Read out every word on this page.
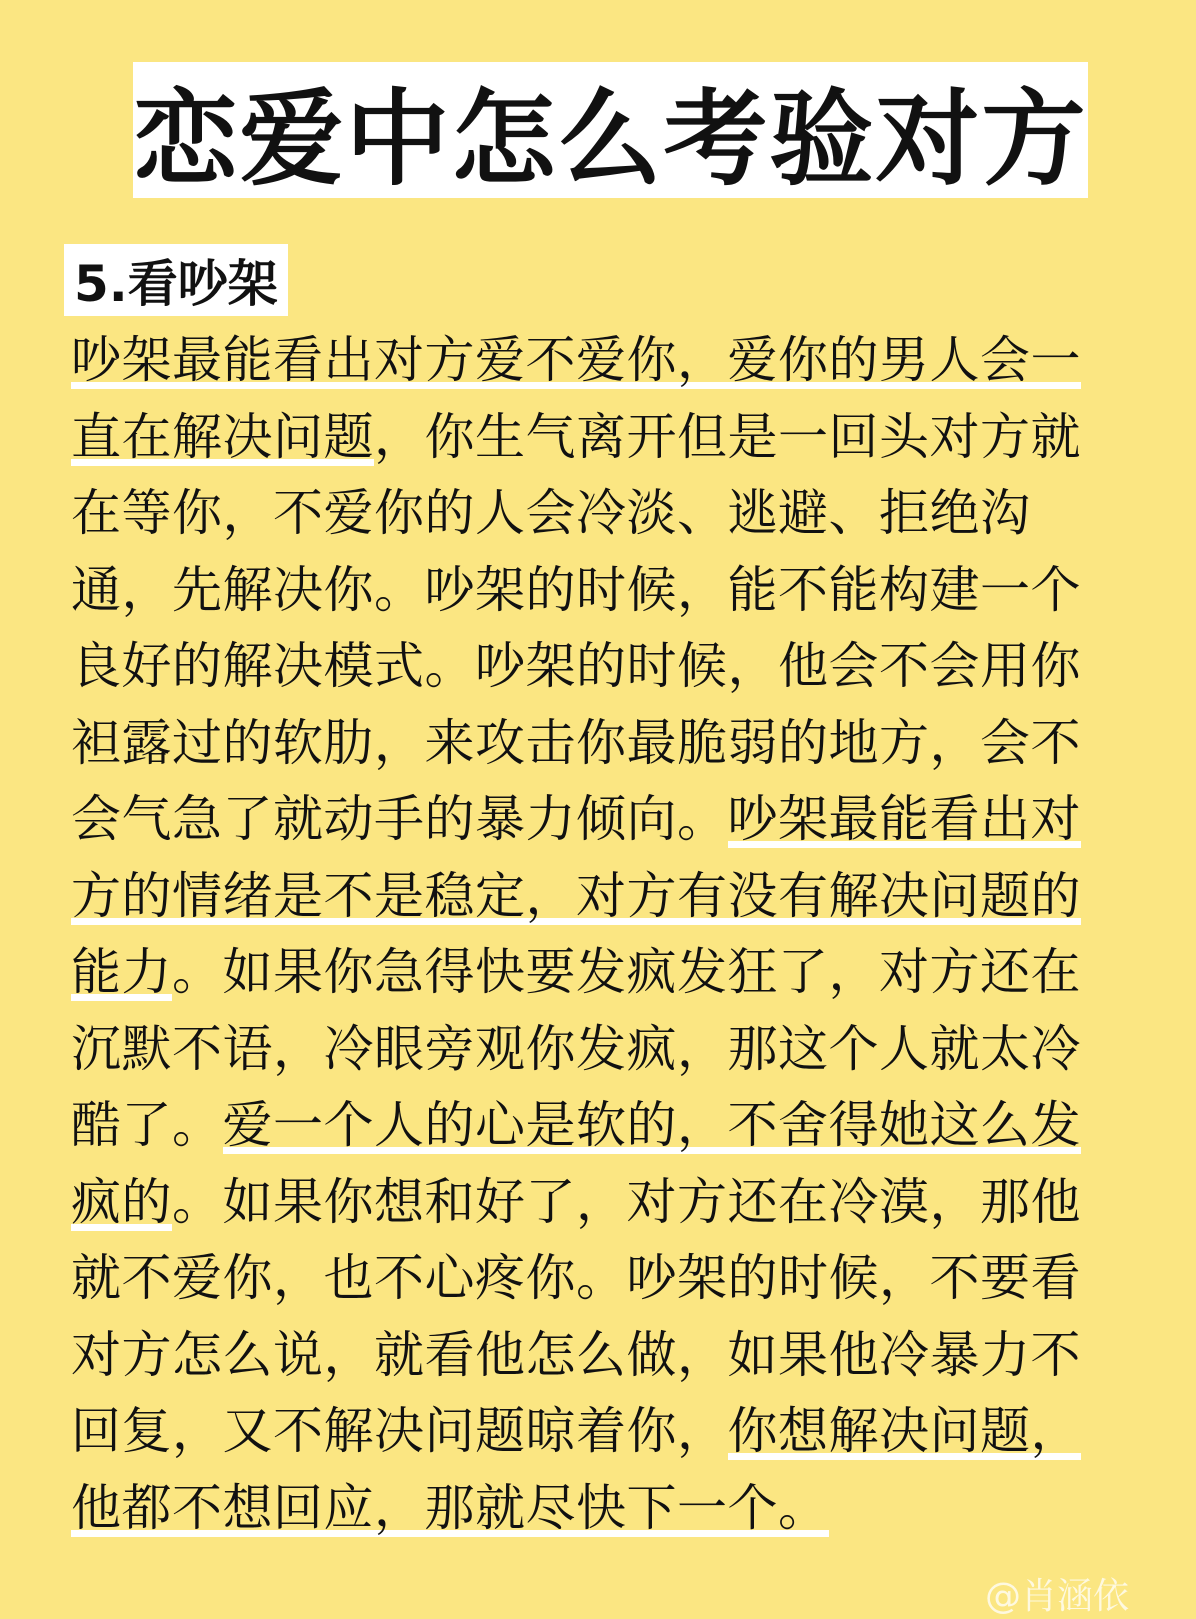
恋爱中怎么考验对方
5.看吵架
吵架最能看出对方爱不爱你，爱你的男人会一
直在解决问题，你生气离开但是一回头对方就
在等你，不爱你的人会冷淡、逃避、拒绝沟
通，先解决你。吵架的时候，能不能构建一个
良好的解决模式。吵架的时候，他会不会用你
袒露过的软肋，来攻击你最脆弱的地方，会不
会气急了就动手的暴力倾向。吵架最能看出对
方的情绪是不是稳定，对方有没有解决问题的
能力。如果你急得快要发疯发狂了，对方还在
沉默不语，冷眼旁观你发疯，那这个人就太冷
酷了。爱一个人的心是软的，不舍得她这么发
疯的。如果你想和好了，对方还在冷漠，那他
就不爱你，也不心疼你。吵架的时候，不要看
对方怎么说，就看他怎么做，如果他冷暴力不
回复，又不解决问题晾着你，你想解决问题，
他都不想回应，那就尽快下一个。
@肖涵依
